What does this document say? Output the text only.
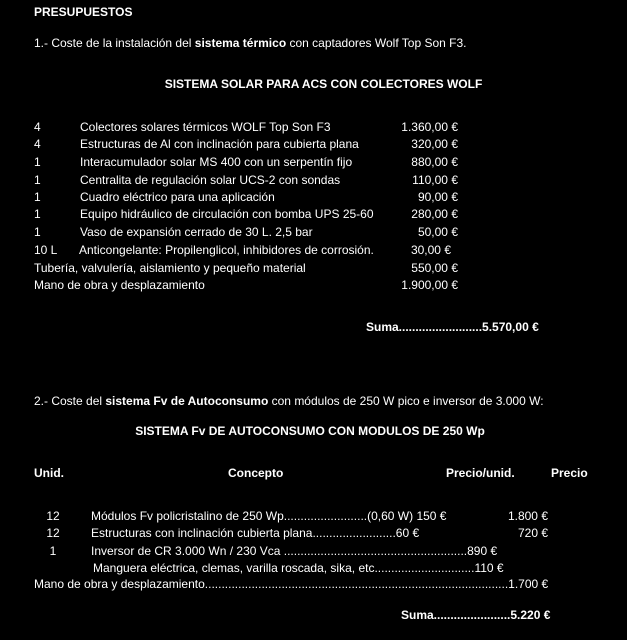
PRESUPUESTOS
1.- Coste de la instalación del sistema térmico con captadores Wolf Top Son F3.
SISTEMA SOLAR PARA ACS CON COLECTORES WOLF
4	Colectores solares térmicos WOLF Top Son F3	1.360,00 €
4	Estructuras de Al con inclinación para cubierta plana	320,00 €
1	Interacumulador solar MS 400 con un serpentín fijo	880,00 €
1	Centralita de regulación solar UCS-2 con sondas	110,00 €
1	Cuadro eléctrico para una aplicación	90,00 €
1	Equipo hidráulico de circulación con bomba UPS 25-60	280,00 €
1	Vaso de expansión cerrado de 30 L. 2,5 bar	50,00 €
10 L Anticongelante: Propilenglicol, inhibidores de corrosión.	30,00 €
Tubería, valvulería, aislamiento y pequeño material	550,00 €
Mano de obra y desplazamiento	1.900,00 €
Suma.........................5.570,00 €
2.- Coste del sistema Fv de Autoconsumo con módulos de 250 W pico e inversor de 3.000 W:
SISTEMA Fv DE AUTOCONSUMO CON MODULOS DE 250 Wp
Unid.	Concepto	Precio/unid.	Precio
12	Módulos Fv policristalino de 250 Wp.........................(0,60 W) 150 €	1.800 €
12	Estructuras con inclinación cubierta plana.........................60 €	720 €
1	Inversor de CR 3.000 Wn / 230 Vca .......................................................890 €
Manguera eléctrica, clemas, varilla roscada, sika, etc..............................110 €
Mano de obra y desplazamiento...........................................................................................1.700 €
Suma.......................5.220 €
